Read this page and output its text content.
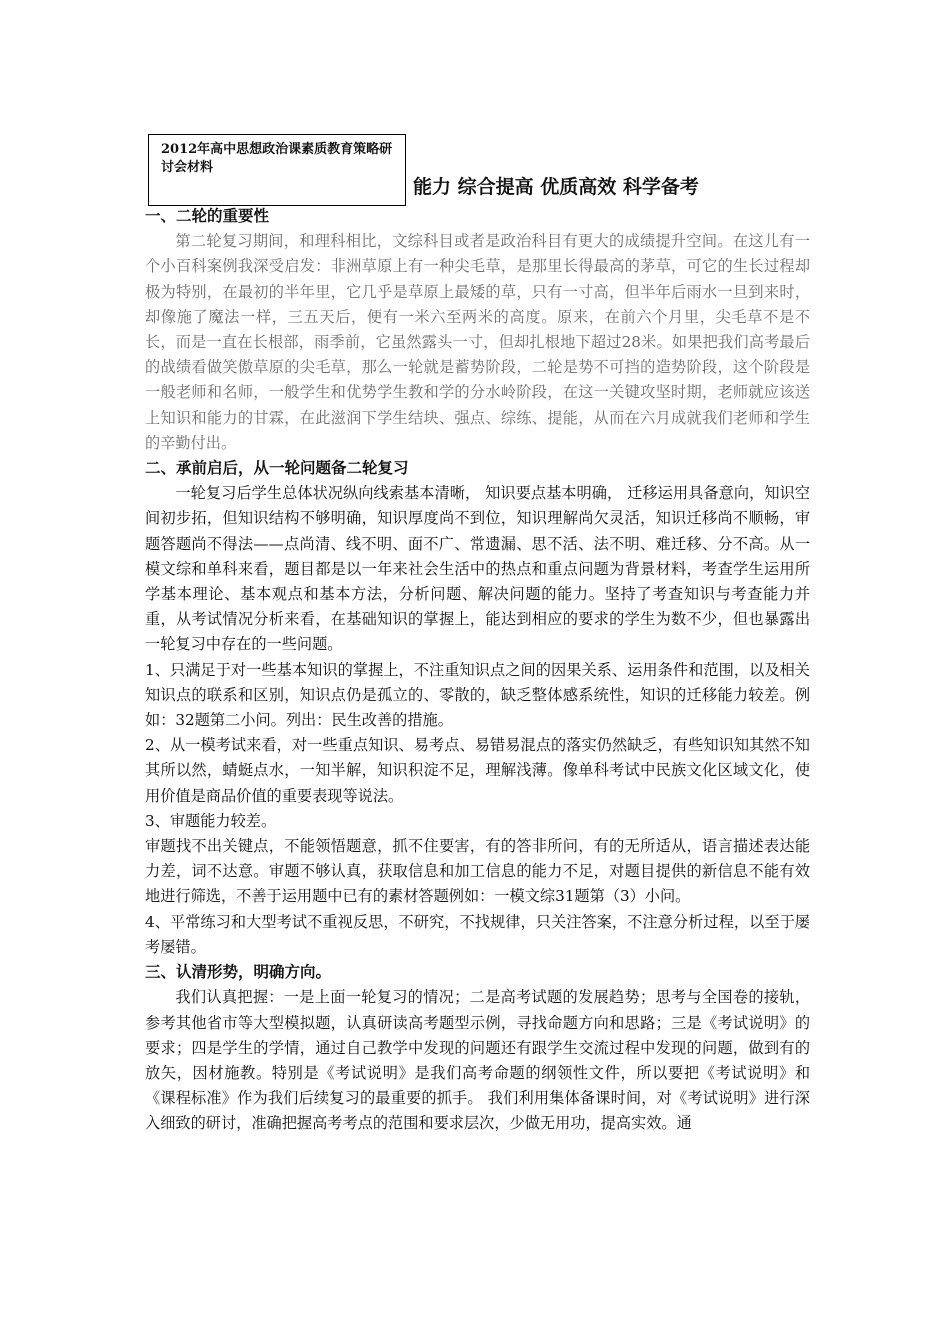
能力 综合提高 优质高效 科学备考
一、二轮的重要性

第二轮复习期间，和理科相比，文综科目或者是政治科目有更大的成绩提升空间。在这儿有一个小百科案例我深受启发：非洲草原上有一种尖毛草，是那里长得最高的茅草，可它的生长过程却极为特别，在最初的半年里，它几乎是草原上最矮的草，只有一寸高，但半年后雨水一旦到来时，却像施了魔法一样，三五天后，便有一米六至两米的高度。原来，在前六个月里，尖毛草不是不长，而是一直在长根部，雨季前，它虽然露头一寸，但却扎根地下超过28米。如果把我们高考最后的战绩看做笑傲草原的尖毛草，那么一轮就是蓄势阶段，二轮是势不可挡的造势阶段，这个阶段是一般老师和名师，一般学生和优势学生教和学的分水岭阶段，在这一关键攻坚时期，老师就应该送上知识和能力的甘霖，在此滋润下学生结块、强点、综练、提能，从而在六月成就我们老师和学生的辛勤付出。

二、承前启后，从一轮问题备二轮复习

一轮复习后学生总体状况纵向线索基本清晰， 知识要点基本明确， 迁移运用具备意向，知识空间初步拓，但知识结构不够明确，知识厚度尚不到位，知识理解尚欠灵活，知识迁移尚不顺畅，审题答题尚不得法——点尚清、线不明、面不广、常遗漏、思不活、法不明、难迁移、分不高。从一模文综和单科来看，题目都是以一年来社会生活中的热点和重点问题为背景材料，考查学生运用所学基本理论、基本观点和基本方法，分析问题、解决问题的能力。坚持了考查知识与考查能力并重，从考试情况分析来看，在基础知识的掌握上，能达到相应的要求的学生为数不少，但也暴露出一轮复习中存在的一些问题。

1、只满足于对一些基本知识的掌握上，不注重知识点之间的因果关系、运用条件和范围，以及相关知识点的联系和区别，知识点仍是孤立的、零散的，缺乏整体感系统性，知识的迁移能力较差。例如：32题第二小问。列出：民生改善的措施。

2、从一模考试来看，对一些重点知识、易考点、易错易混点的落实仍然缺乏，有些知识知其然不知其所以然，蜻蜓点水，一知半解，知识积淀不足，理解浅薄。像单科考试中民族文化区域文化，使用价值是商品价值的重要表现等说法。

3、审题能力较差。

审题找不出关键点，不能领悟题意，抓不住要害，有的答非所问，有的无所适从，语言描述表达能力差，词不达意。审题不够认真，获取信息和加工信息的能力不足，对题目提供的新信息不能有效地进行筛选，不善于运用题中已有的素材答题例如：一模文综31题第（3）小问。

4、平常练习和大型考试不重视反思，不研究，不找规律，只关注答案，不注意分析过程，以至于屡考屡错。

三、认清形势，明确方向。

我们认真把握：一是上面一轮复习的情况；二是高考试题的发展趋势；思考与全国卷的接轨，参考其他省市等大型模拟题，认真研读高考题型示例，寻找命题方向和思路；三是《考试说明》的要求；四是学生的学情，通过自己教学中发现的问题还有跟学生交流过程中发现的问题，做到有的放矢，因材施教。特别是《考试说明》是我们高考命题的纲领性文件，所以要把《考试说明》和《课程标准》作为我们后续复习的最重要的抓手。 我们利用集体备课时间，对《考试说明》进行深入细致的研讨，准确把握高考考点的范围和要求层次，少做无用功，提高实效。通

2012年高中思想政治课素质教育策略研讨会材料
